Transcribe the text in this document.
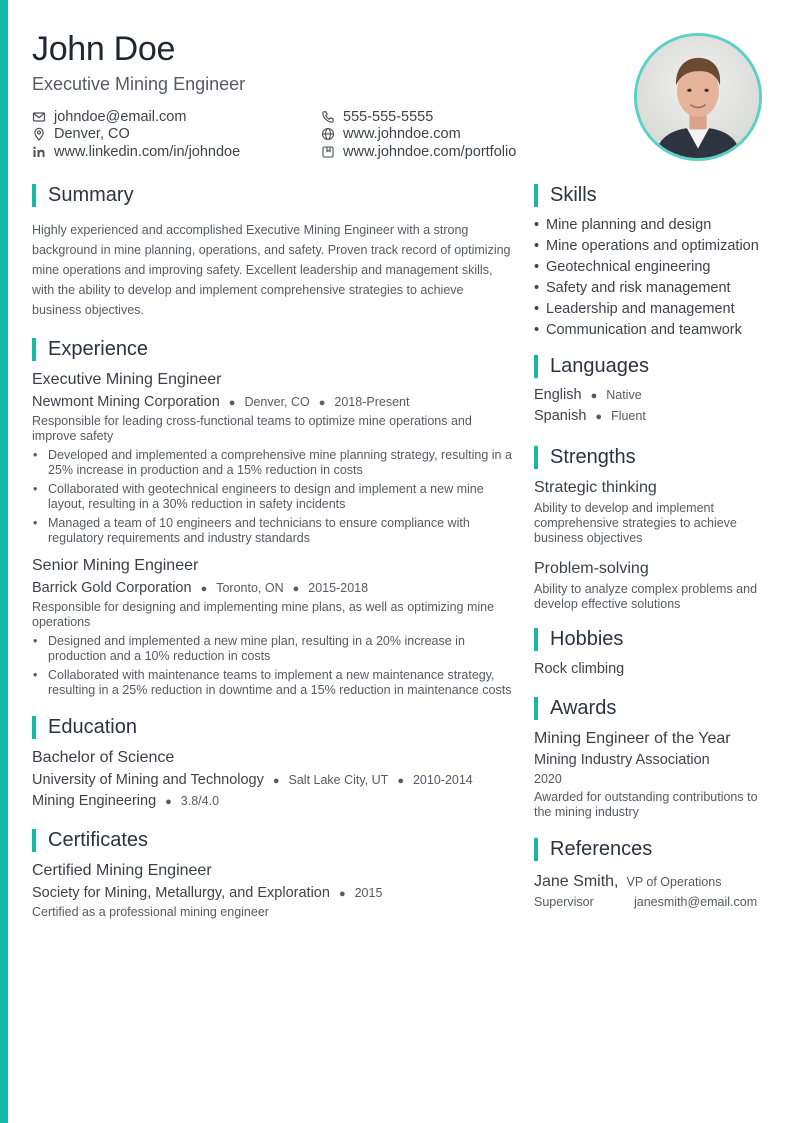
John Doe
Executive Mining Engineer
johndoe@email.com
Denver, CO
www.linkedin.com/in/johndoe
555-555-5555
www.johndoe.com
www.johndoe.com/portfolio
Summary
Highly experienced and accomplished Executive Mining Engineer with a strong background in mine planning, operations, and safety. Proven track record of optimizing mine operations and improving safety. Excellent leadership and management skills, with the ability to develop and implement comprehensive strategies to achieve business objectives.
Experience
Executive Mining Engineer
Newmont Mining Corporation ● Denver, CO ● 2018-Present
Responsible for leading cross-functional teams to optimize mine operations and improve safety
• Developed and implemented a comprehensive mine planning strategy, resulting in a 25% increase in production and a 15% reduction in costs
• Collaborated with geotechnical engineers to design and implement a new mine layout, resulting in a 30% reduction in safety incidents
• Managed a team of 10 engineers and technicians to ensure compliance with regulatory requirements and industry standards
Senior Mining Engineer
Barrick Gold Corporation ● Toronto, ON ● 2015-2018
Responsible for designing and implementing mine plans, as well as optimizing mine operations
• Designed and implemented a new mine plan, resulting in a 20% increase in production and a 10% reduction in costs
• Collaborated with maintenance teams to implement a new maintenance strategy, resulting in a 25% reduction in downtime and a 15% reduction in maintenance costs
Education
Bachelor of Science
University of Mining and Technology ● Salt Lake City, UT ● 2010-2014
Mining Engineering ● 3.8/4.0
Certificates
Certified Mining Engineer
Society for Mining, Metallurgy, and Exploration ● 2015
Certified as a professional mining engineer
Skills
• Mine planning and design
• Mine operations and optimization
• Geotechnical engineering
• Safety and risk management
• Leadership and management
• Communication and teamwork
Languages
English ● Native
Spanish ● Fluent
Strengths
Strategic thinking
Ability to develop and implement comprehensive strategies to achieve business objectives
Problem-solving
Ability to analyze complex problems and develop effective solutions
Hobbies
Rock climbing
Awards
Mining Engineer of the Year
Mining Industry Association
2020
Awarded for outstanding contributions to the mining industry
References
Jane Smith, VP of Operations
Supervisor	janesmith@email.com
